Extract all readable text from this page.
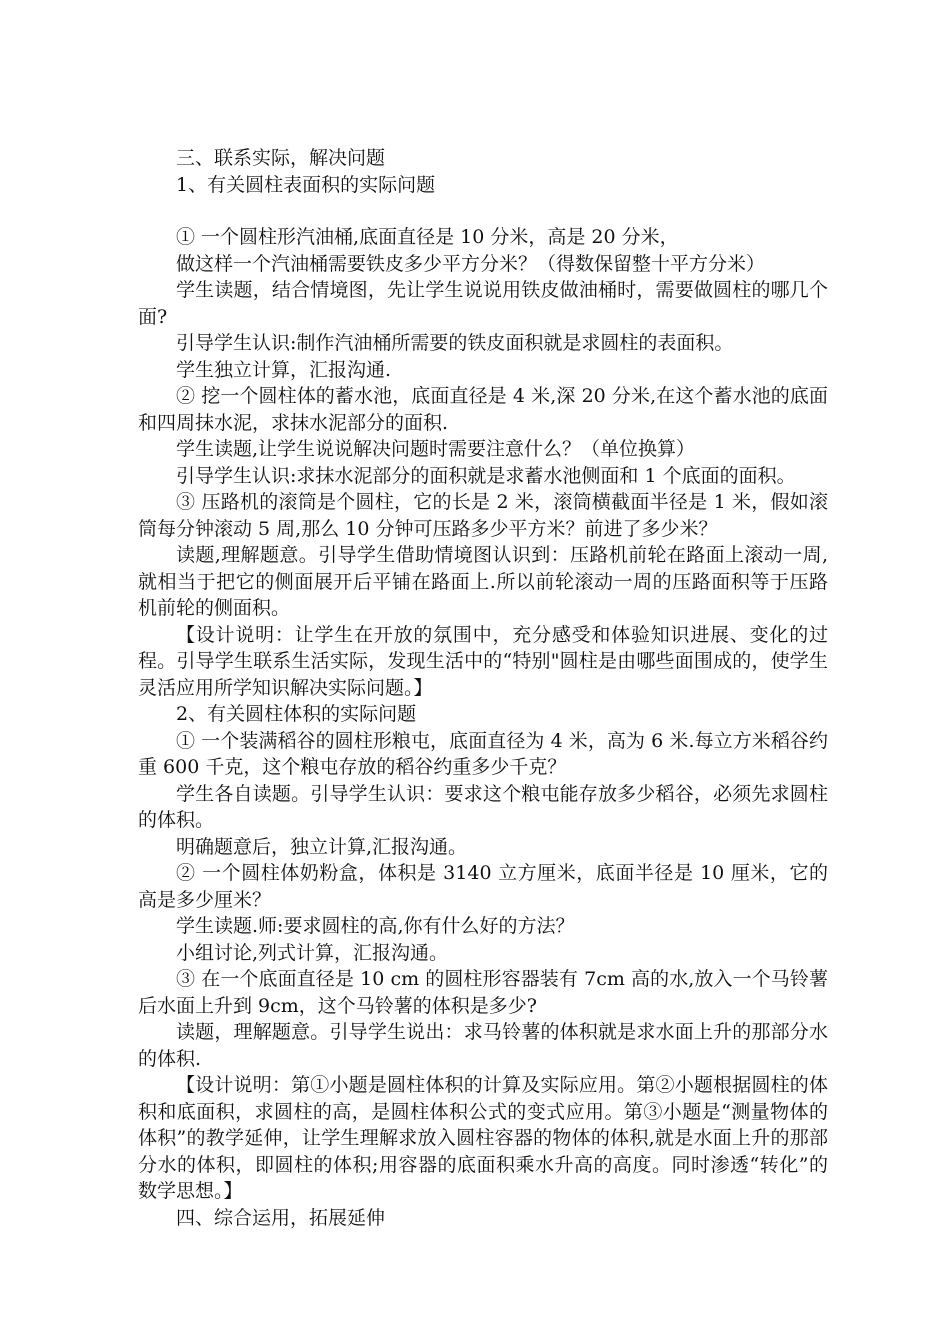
三、联系实际，解决问题

1、有关圆柱表面积的实际问题

① 一个圆柱形汽油桶,底面直径是 10 分米，高是 20 分米，

做这样一个汽油桶需要铁皮多少平方分米？（得数保留整十平方分米）

学生读题，结合情境图，先让学生说说用铁皮做油桶时，需要做圆柱的哪几个面?

引导学生认识:制作汽油桶所需要的铁皮面积就是求圆柱的表面积。

学生独立计算，汇报沟通.

② 挖一个圆柱体的蓄水池，底面直径是 4 米,深 20 分米,在这个蓄水池的底面和四周抹水泥，求抹水泥部分的面积.

学生读题,让学生说说解决问题时需要注意什么？（单位换算）

引导学生认识:求抹水泥部分的面积就是求蓄水池侧面和 1 个底面的面积。

③ 压路机的滚筒是个圆柱，它的长是 2 米，滚筒横截面半径是 1 米，假如滚筒每分钟滚动 5 周,那么 10 分钟可压路多少平方米？前进了多少米？

读题,理解题意。引导学生借助情境图认识到：压路机前轮在路面上滚动一周,就相当于把它的侧面展开后平铺在路面上.所以前轮滚动一周的压路面积等于压路机前轮的侧面积。

【设计说明：让学生在开放的氛围中，充分感受和体验知识进展、变化的过程。引导学生联系生活实际，发现生活中的“特别"圆柱是由哪些面围成的，使学生灵活应用所学知识解决实际问题。】

2、有关圆柱体积的实际问题

① 一个装满稻谷的圆柱形粮屯，底面直径为 4 米，高为 6 米.每立方米稻谷约重 600 千克，这个粮屯存放的稻谷约重多少千克？

学生各自读题。引导学生认识：要求这个粮屯能存放多少稻谷，必须先求圆柱的体积。

明确题意后，独立计算,汇报沟通。

② 一个圆柱体奶粉盒，体积是 3140 立方厘米，底面半径是 10 厘米，它的高是多少厘米？

学生读题.师:要求圆柱的高,你有什么好的方法？

小组讨论,列式计算，汇报沟通。

③ 在一个底面直径是 10 cm 的圆柱形容器装有 7cm 高的水,放入一个马铃薯后水面上升到 9cm，这个马铃薯的体积是多少?

读题，理解题意。引导学生说出：求马铃薯的体积就是求水面上升的那部分水的体积.

【设计说明：第①小题是圆柱体积的计算及实际应用。第②小题根据圆柱的体积和底面积，求圆柱的高，是圆柱体积公式的变式应用。第③小题是“测量物体的体积”的教学延伸，让学生理解求放入圆柱容器的物体的体积,就是水面上升的那部分水的体积，即圆柱的体积;用容器的底面积乘水升高的高度。同时渗透“转化”的数学思想。】

四、综合运用，拓展延伸
